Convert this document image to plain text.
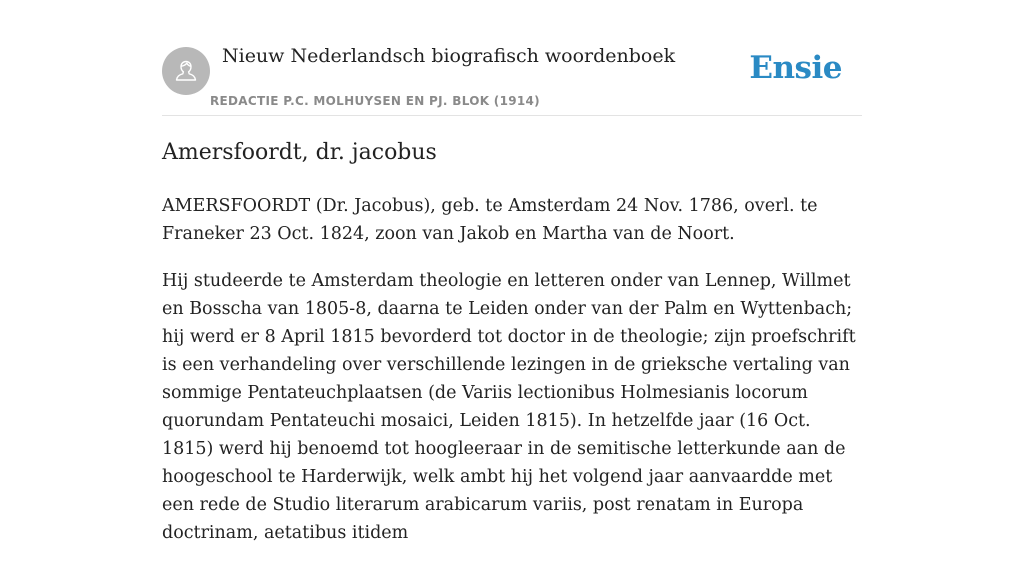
Nieuw Nederlandsch biografisch woordenboek
REDACTIE P.C. MOLHUYSEN EN PJ. BLOK (1914)
Ensie
Amersfoordt, dr. jacobus

AMERSFOORDT (Dr. Jacobus), geb. te Amsterdam 24 Nov. 1786, overl. te Franeker 23 Oct. 1824, zoon van Jakob en Martha van de Noort.

Hij studeerde te Amsterdam theologie en letteren onder van Lennep, Willmet en Bosscha van 1805-8, daarna te Leiden onder van der Palm en Wyttenbach; hij werd er 8 April 1815 bevorderd tot doctor in de theologie; zijn proefschrift is een verhandeling over verschillende lezingen in de grieksche vertaling van sommige Pentateuchplaatsen (de Variis lectionibus Holmesianis locorum quorundam Pentateuchi mosaici, Leiden 1815). In hetzelfde jaar (16 Oct. 1815) werd hij benoemd tot hoogleeraar in de semitische letterkunde aan de hoogeschool te Harderwijk, welk ambt hij het volgend jaar aanvaardde met een rede de Studio literarum arabicarum variis, post renatam in Europa doctrinam, aetatibus itidem
